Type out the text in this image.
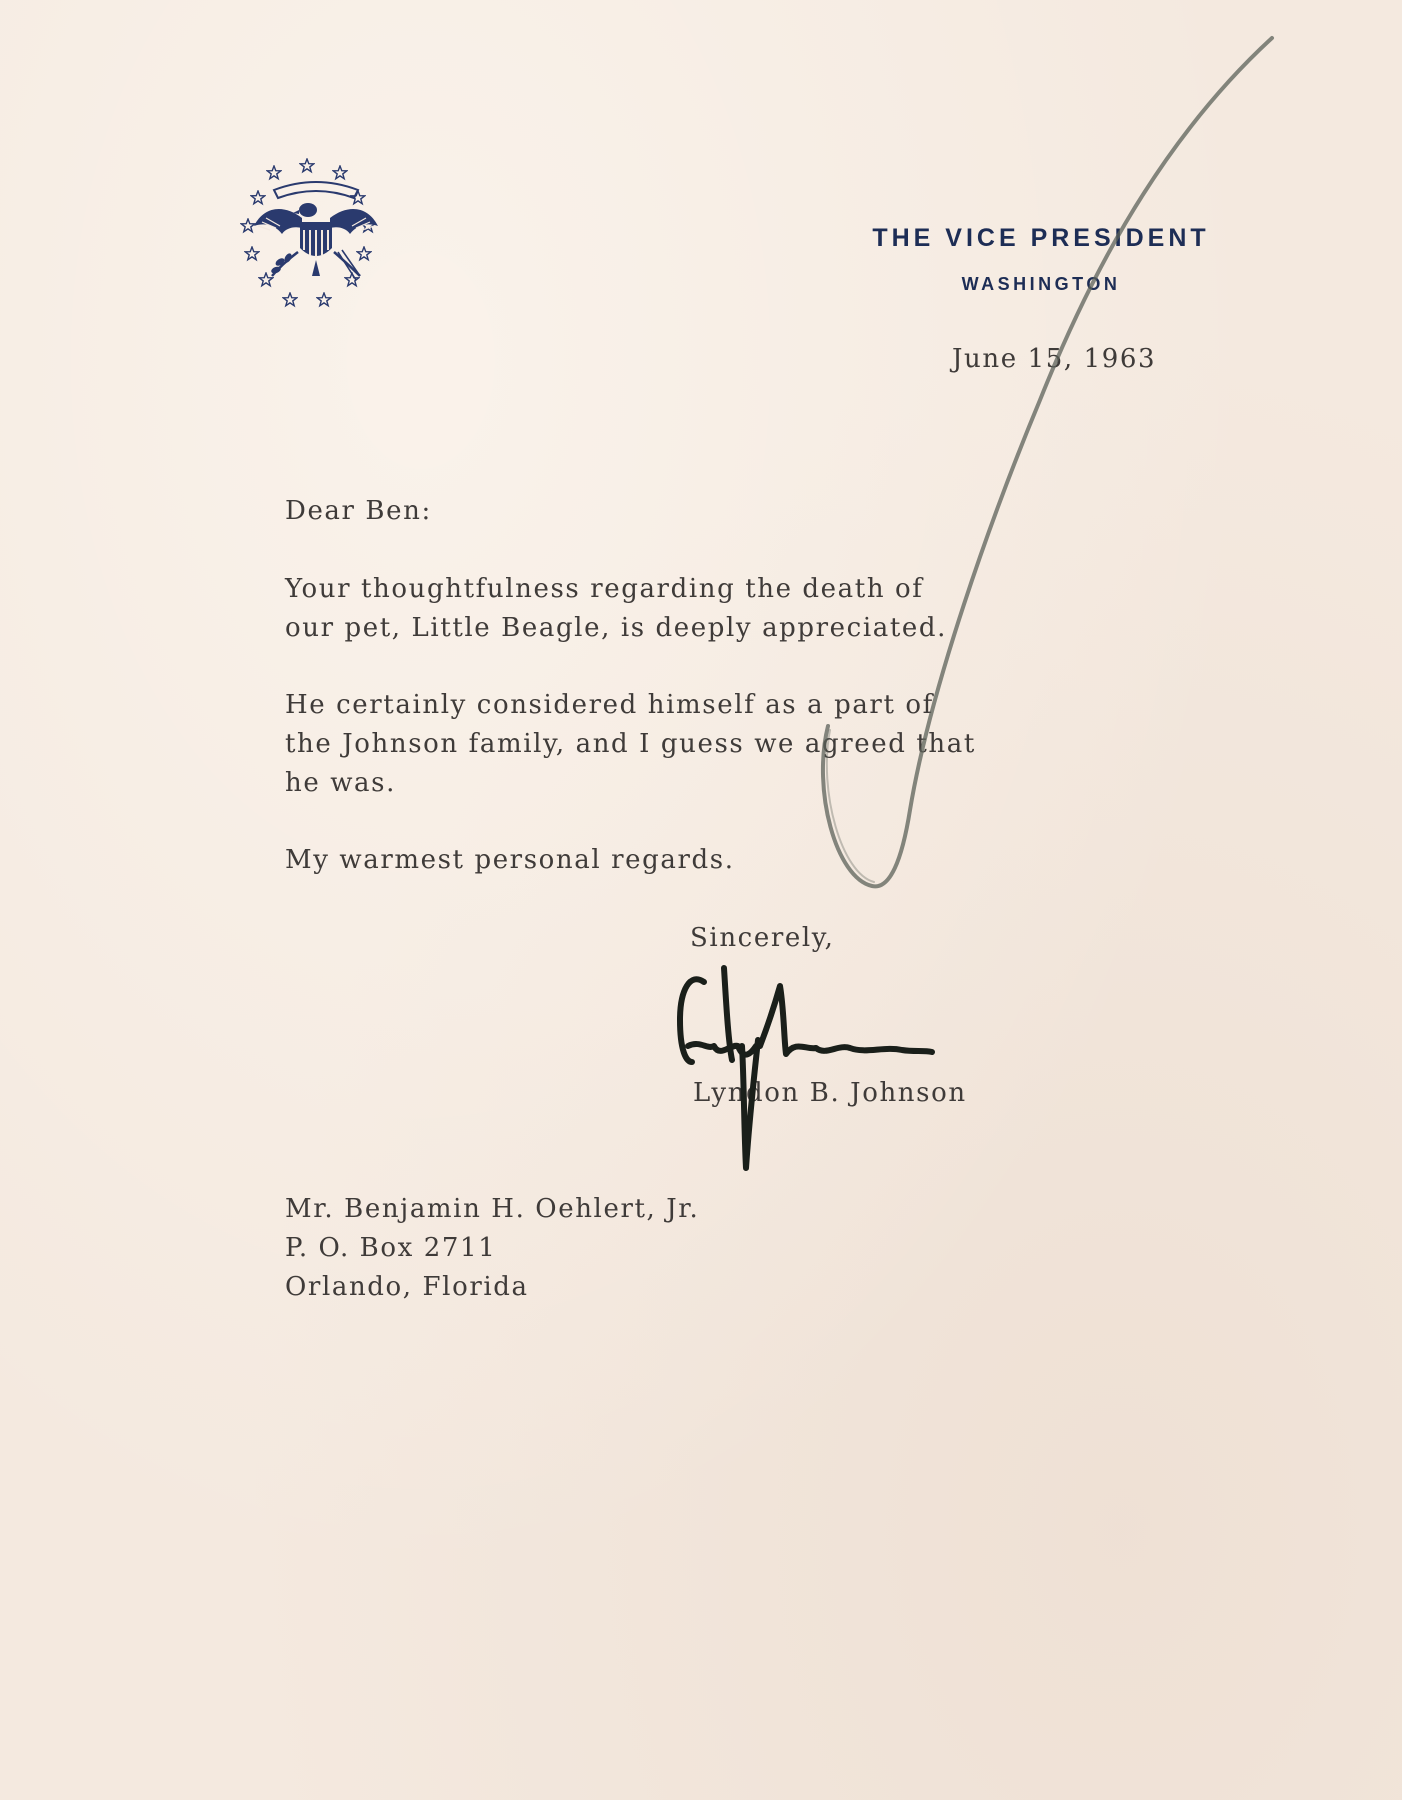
THE VICE PRESIDENT
WASHINGTON

June 15, 1963

Dear Ben:

Your thoughtfulness regarding the death of
our pet, Little Beagle, is deeply appreciated.
He certainly considered himself as a part of
the Johnson family, and I guess we agreed that
he was.
My warmest personal regards.

Sincerely,

Lyndon B. Johnson

Mr. Benjamin H. Oehlert, Jr.
P. O. Box 2711
Orlando, Florida
